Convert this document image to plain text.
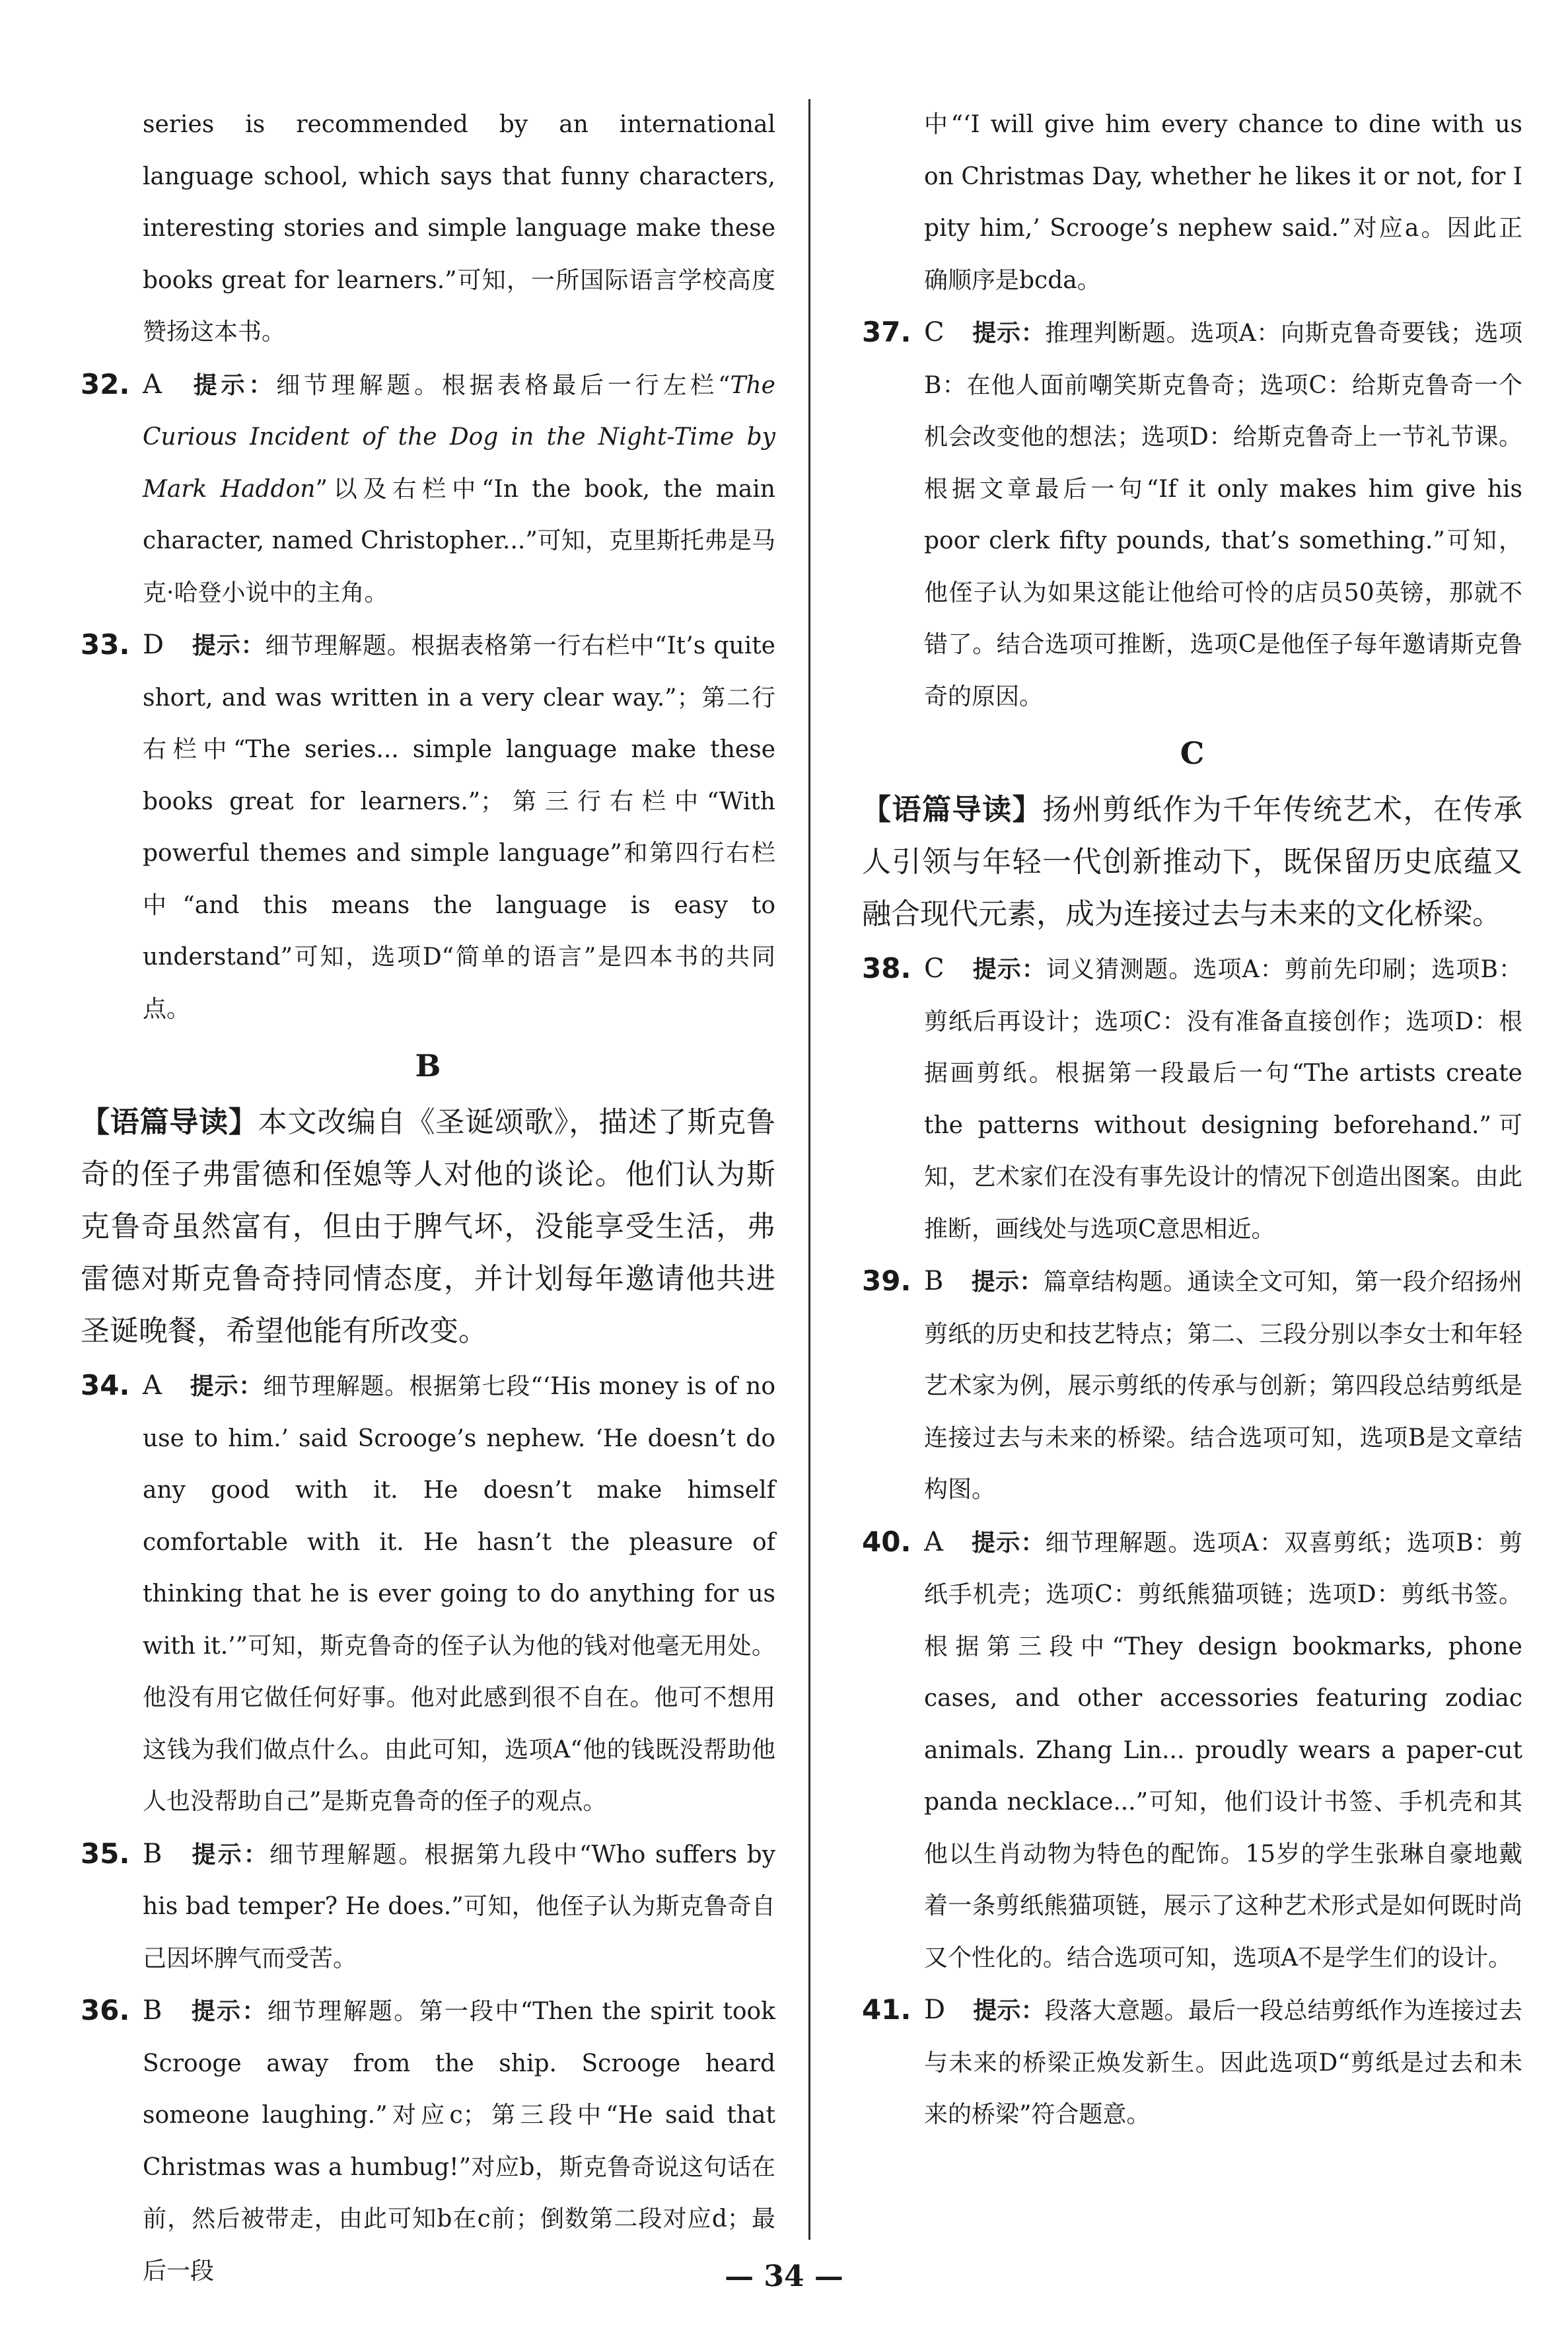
series is recommended by an international language school, which says that funny characters, interesting stories and simple language make these books great for learners.”可知，一所国际语言学校高度赞扬这本书。

32. A 提示：细节理解题。根据表格最后一行左栏“The Curious Incident of the Dog in the Night-Time by Mark Haddon”以及右栏中“In the book, the main character, named Christopher...”可知，克里斯托弗是马克·哈登小说中的主角。
33. D 提示：细节理解题。根据表格第一行右栏中“It’s quite short, and was written in a very clear way.”；第二行右栏中“The series... simple language make these books great for learners.”；第三行右栏中“With powerful themes and simple language”和第四行右栏中“and this means the language is easy to understand”可知，选项D“简单的语言”是四本书的共同点。
B

【语篇导读】本文改编自《圣诞颂歌》，描述了斯克鲁奇的侄子弗雷德和侄媳等人对他的谈论。他们认为斯克鲁奇虽然富有，但由于脾气坏，没能享受生活，弗雷德对斯克鲁奇持同情态度，并计划每年邀请他共进圣诞晚餐，希望他能有所改变。

34. A 提示：细节理解题。根据第七段“‘His money is of no use to him.’ said Scrooge’s nephew. ‘He doesn’t do any good with it. He doesn’t make himself comfortable with it. He hasn’t the pleasure of thinking that he is ever going to do anything for us with it.’”可知，斯克鲁奇的侄子认为他的钱对他毫无用处。他没有用它做任何好事。他对此感到很不自在。他可不想用这钱为我们做点什么。由此可知，选项A“他的钱既没帮助他人也没帮助自己”是斯克鲁奇的侄子的观点。
35. B 提示：细节理解题。根据第九段中“Who suffers by his bad temper? He does.”可知，他侄子认为斯克鲁奇自己因坏脾气而受苦。
36. B 提示：细节理解题。第一段中“Then the spirit took Scrooge away from the ship. Scrooge heard someone laughing.”对应c；第三段中“He said that Christmas was a humbug!”对应b，斯克鲁奇说这句话在前，然后被带走，由此可知b在c前；倒数第二段对应d；最后一段

中“‘I will give him every chance to dine with us on Christmas Day, whether he likes it or not, for I pity him,’ Scrooge’s nephew said.”对应a。因此正确顺序是bcda。

37. C 提示：推理判断题。选项A：向斯克鲁奇要钱；选项B：在他人面前嘲笑斯克鲁奇；选项C：给斯克鲁奇一个机会改变他的想法；选项D：给斯克鲁奇上一节礼节课。根据文章最后一句“If it only makes him give his poor clerk fifty pounds, that’s something.”可知，他侄子认为如果这能让他给可怜的店员50英镑，那就不错了。结合选项可推断，选项C是他侄子每年邀请斯克鲁奇的原因。
C

【语篇导读】扬州剪纸作为千年传统艺术，在传承人引领与年轻一代创新推动下，既保留历史底蕴又融合现代元素，成为连接过去与未来的文化桥梁。

38. C 提示：词义猜测题。选项A：剪前先印刷；选项B：剪纸后再设计；选项C：没有准备直接创作；选项D：根据画剪纸。根据第一段最后一句“The artists create the patterns without designing beforehand.”可知，艺术家们在没有事先设计的情况下创造出图案。由此推断，画线处与选项C意思相近。
39. B 提示：篇章结构题。通读全文可知，第一段介绍扬州剪纸的历史和技艺特点；第二、三段分别以李女士和年轻艺术家为例，展示剪纸的传承与创新；第四段总结剪纸是连接过去与未来的桥梁。结合选项可知，选项B是文章结构图。
40. A 提示：细节理解题。选项A：双喜剪纸；选项B：剪纸手机壳；选项C：剪纸熊猫项链；选项D：剪纸书签。根据第三段中“They design bookmarks, phone cases, and other accessories featuring zodiac animals. Zhang Lin... proudly wears a paper-cut panda necklace...”可知，他们设计书签、手机壳和其他以生肖动物为特色的配饰。15岁的学生张琳自豪地戴着一条剪纸熊猫项链，展示了这种艺术形式是如何既时尚又个性化的。结合选项可知，选项A不是学生们的设计。
41. D 提示：段落大意题。最后一段总结剪纸作为连接过去与未来的桥梁正焕发新生。因此选项D“剪纸是过去和未来的桥梁”符合题意。
— 34 —
